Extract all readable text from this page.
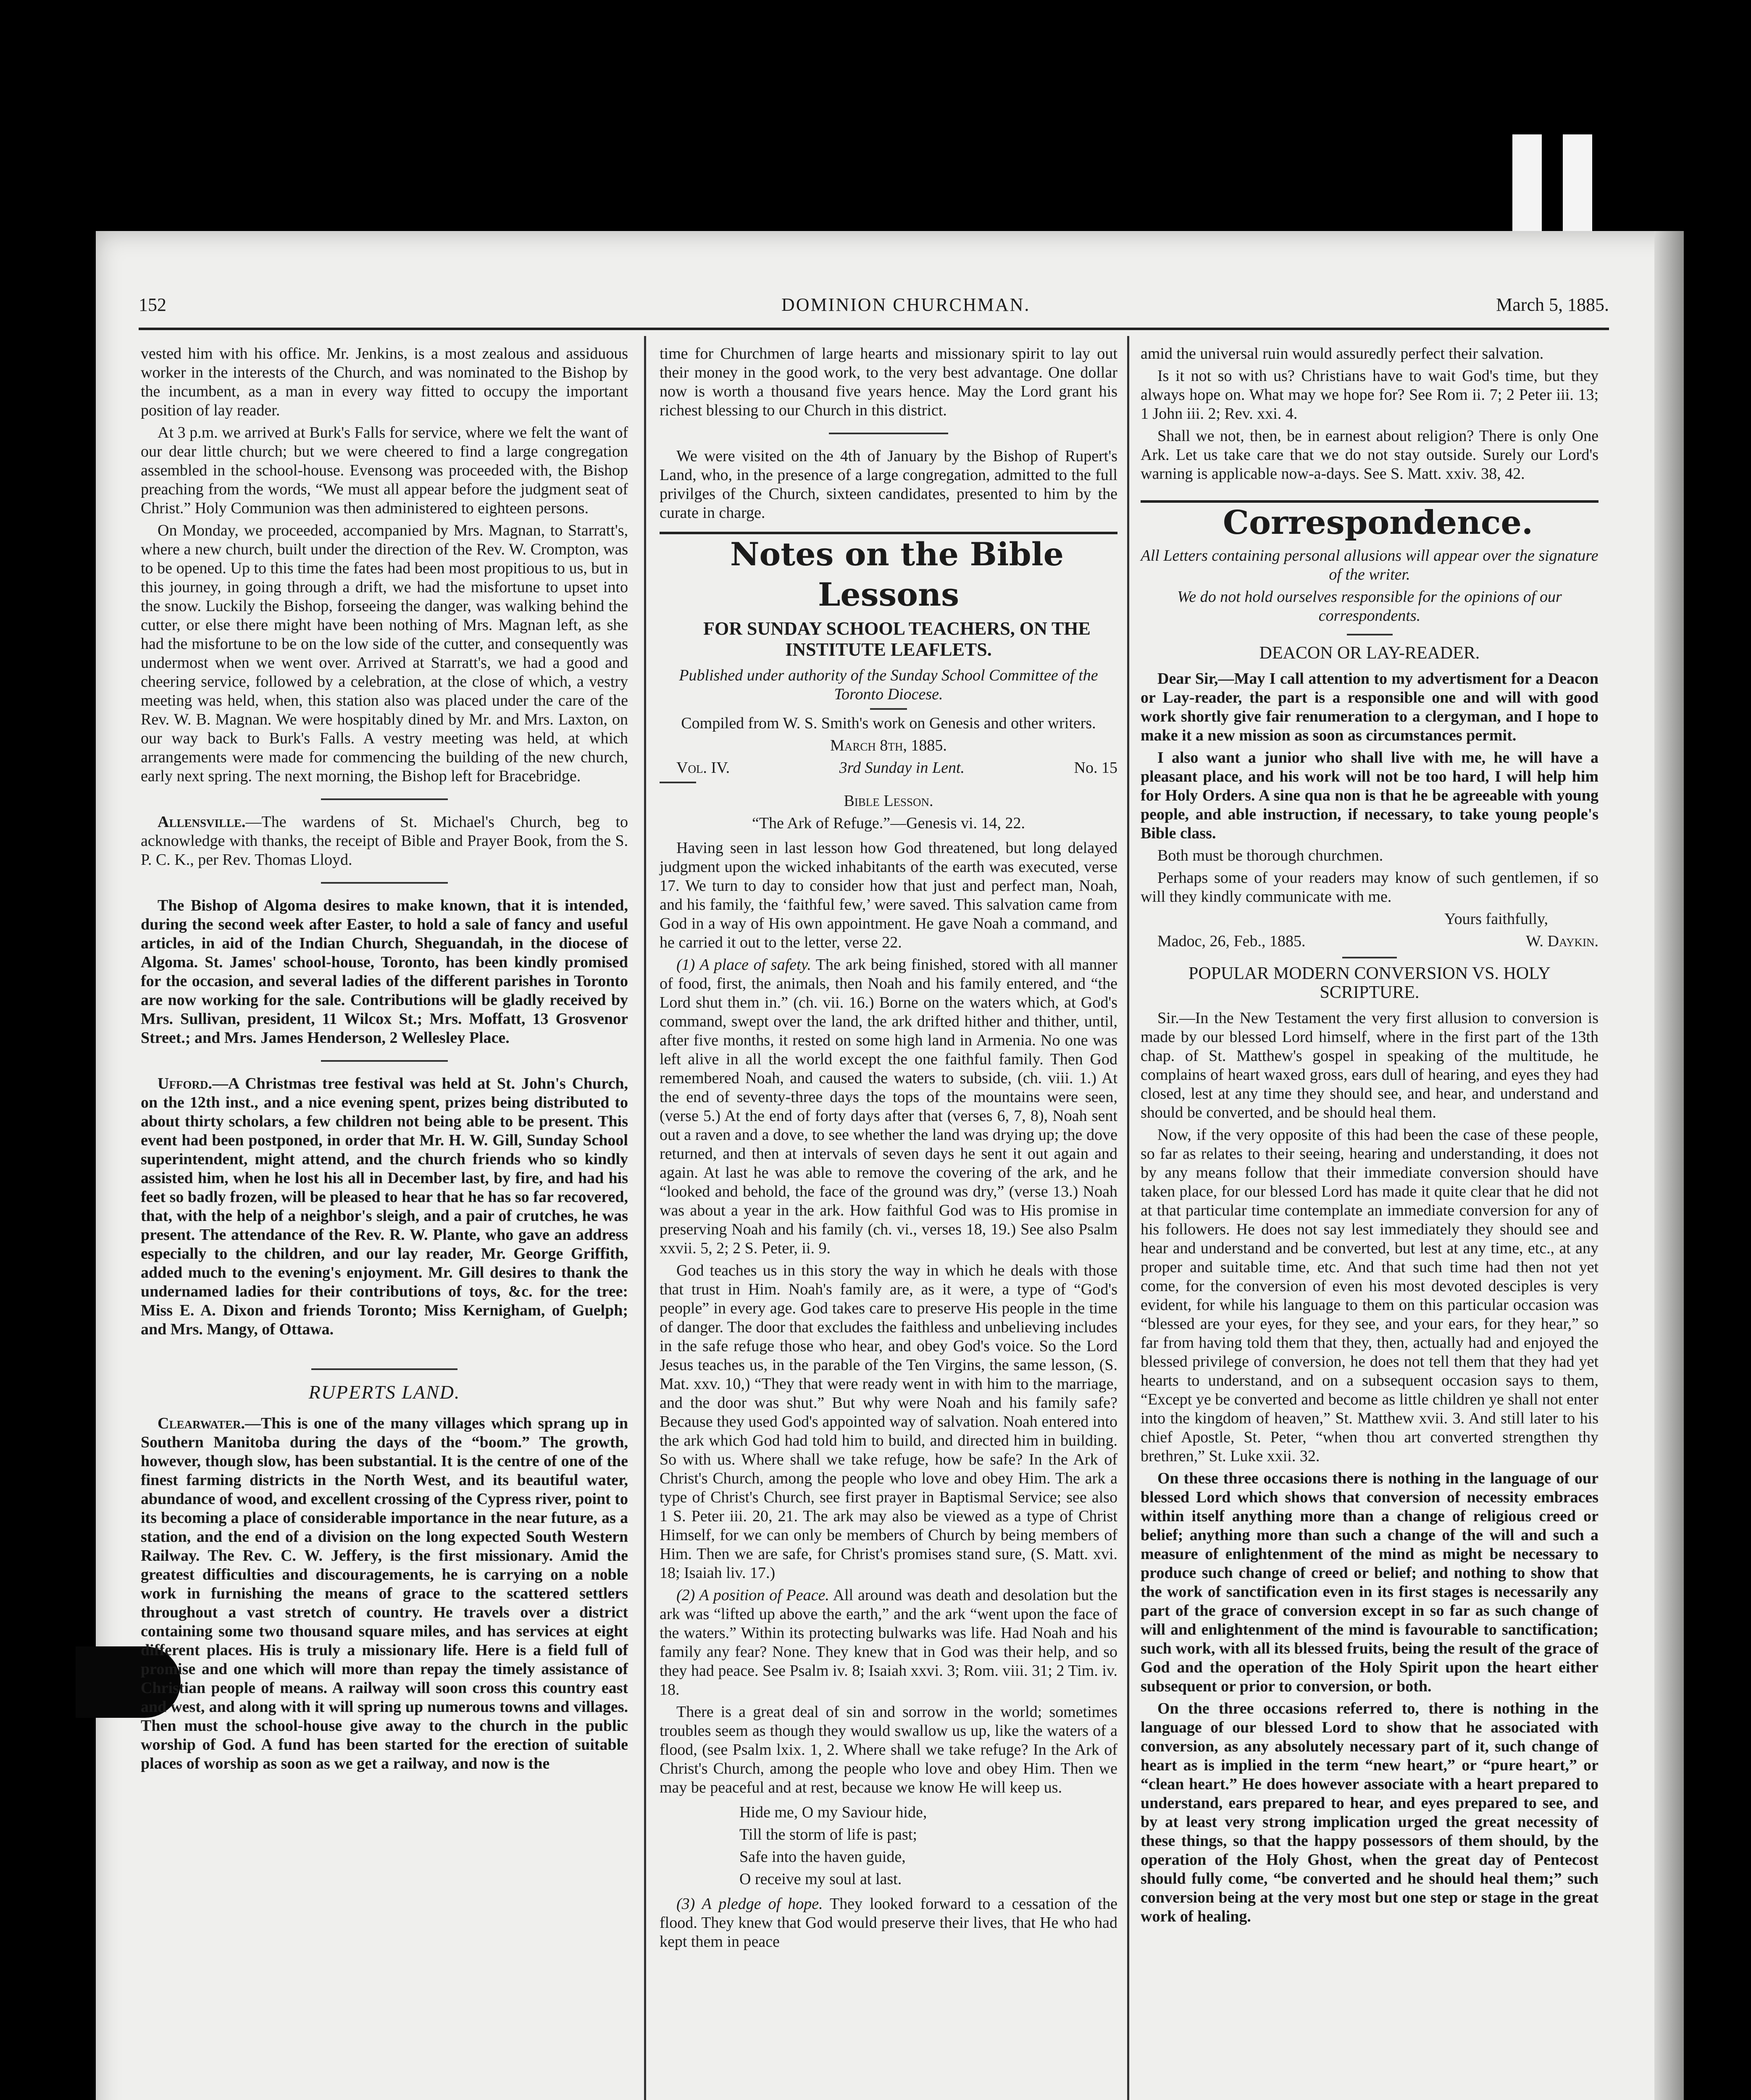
152	DOMINION CHURCHMAN.	March 5, 1885.

vested him with his office. Mr. Jenkins, is a most zealous and assiduous worker in the interests of the Church, and was nominated to the Bishop by the incumbent, as a man in every way fitted to occupy the important position of lay reader.

At 3 p.m. we arrived at Burk's Falls for service, where we felt the want of our dear little church; but we were cheered to find a large congregation assembled in the school-house. Evensong was proceeded with, the Bishop preaching from the words, “We must all appear before the judgment seat of Christ.” Holy Communion was then administered to eighteen persons.

On Monday, we proceeded, accompanied by Mrs. Magnan, to Starratt's, where a new church, built under the direction of the Rev. W. Crompton, was to be opened. Up to this time the fates had been most propitious to us, but in this journey, in going through a drift, we had the misfortune to upset into the snow. Luckily the Bishop, forseeing the danger, was walking behind the cutter, or else there might have been nothing of Mrs. Magnan left, as she had the misfortune to be on the low side of the cutter, and consequently was undermost when we went over. Arrived at Starratt's, we had a good and cheering service, followed by a celebration, at the close of which, a vestry meeting was held, when, this station also was placed under the care of the Rev. W. B. Magnan. We were hospitably dined by Mr. and Mrs. Laxton, on our way back to Burk's Falls. A vestry meeting was held, at which arrangements were made for commencing the building of the new church, early next spring. The next morning, the Bishop left for Bracebridge.

Allensville.—The wardens of St. Michael's Church, beg to acknowledge with thanks, the receipt of Bible and Prayer Book, from the S. P. C. K., per Rev. Thomas Lloyd.

The Bishop of Algoma desires to make known, that it is intended, during the second week after Easter, to hold a sale of fancy and useful articles, in aid of the Indian Church, Sheguandah, in the diocese of Algoma. St. James' school-house, Toronto, has been kindly promised for the occasion, and several ladies of the different parishes in Toronto are now working for the sale. Contributions will be gladly received by Mrs. Sullivan, president, 11 Wilcox St.; Mrs. Moffatt, 13 Grosvenor Street.; and Mrs. James Henderson, 2 Wellesley Place.

Ufford.—A Christmas tree festival was held at St. John's Church, on the 12th inst., and a nice evening spent, prizes being distributed to about thirty scholars, a few children not being able to be present. This event had been postponed, in order that Mr. H. W. Gill, Sunday School superintendent, might attend, and the church friends who so kindly assisted him, when he lost his all in December last, by fire, and had his feet so badly frozen, will be pleased to hear that he has so far recovered, that, with the help of a neighbor's sleigh, and a pair of crutches, he was present. The attendance of the Rev. R. W. Plante, who gave an address especially to the children, and our lay reader, Mr. George Griffith, added much to the evening's enjoyment. Mr. Gill desires to thank the undernamed ladies for their contributions of toys, &c. for the tree: Miss E. A. Dixon and friends Toronto; Miss Kernigham, of Guelph; and Mrs. Mangy, of Ottawa.

RUPERTS LAND.

Clearwater.—This is one of the many villages which sprang up in Southern Manitoba during the days of the “boom.” The growth, however, though slow, has been substantial. It is the centre of one of the finest farming districts in the North West, and its beautiful water, abundance of wood, and excellent crossing of the Cypress river, point to its becoming a place of considerable importance in the near future, as a station, and the end of a division on the long expected South Western Railway. The Rev. C. W. Jeffery, is the first missionary. Amid the greatest difficulties and discouragements, he is carrying on a noble work in furnishing the means of grace to the scattered settlers throughout a vast stretch of country. He travels over a district containing some two thousand square miles, and has services at eight different places. His is truly a missionary life. Here is a field full of promise and one which will more than repay the timely assistance of Christian people of means. A railway will soon cross this country east and west, and along with it will spring up numerous towns and villages. Then must the school-house give away to the church in the public worship of God. A fund has been started for the erection of suitable places of worship as soon as we get a railway, and now is the

time for Churchmen of large hearts and missionary spirit to lay out their money in the good work, to the very best advantage. One dollar now is worth a thousand five years hence. May the Lord grant his richest blessing to our Church in this district.

We were visited on the 4th of January by the Bishop of Rupert's Land, who, in the presence of a large congregation, admitted to the full privilges of the Church, sixteen candidates, presented to him by the curate in charge.

Notes on the Bible Lessons

FOR SUNDAY SCHOOL TEACHERS, ON THE INSTITUTE LEAFLETS.

Published under authority of the Sunday School Committee of the Toronto Diocese.

Compiled from W. S. Smith's work on Genesis and other writers.

March 8th, 1885.

Vol. IV.	3rd Sunday in Lent.	No. 15

Bible Lesson.

“The Ark of Refuge.”—Genesis vi. 14, 22.

Having seen in last lesson how God threatened, but long delayed judgment upon the wicked inhabitants of the earth was executed, verse 17. We turn to day to consider how that just and perfect man, Noah, and his family, the ‘faithful few,’ were saved. This salvation came from God in a way of His own appointment. He gave Noah a command, and he carried it out to the letter, verse 22.

(1) A place of safety. The ark being finished, stored with all manner of food, first, the animals, then Noah and his family entered, and “the Lord shut them in.” (ch. vii. 16.) Borne on the waters which, at God's command, swept over the land, the ark drifted hither and thither, until, after five months, it rested on some high land in Armenia. No one was left alive in all the world except the one faithful family. Then God remembered Noah, and caused the waters to subside, (ch. viii. 1.) At the end of seventy-three days the tops of the mountains were seen, (verse 5.) At the end of forty days after that (verses 6, 7, 8), Noah sent out a raven and a dove, to see whether the land was drying up; the dove returned, and then at intervals of seven days he sent it out again and again. At last he was able to remove the covering of the ark, and he “looked and behold, the face of the ground was dry,” (verse 13.) Noah was about a year in the ark. How faithful God was to His promise in preserving Noah and his family (ch. vi., verses 18, 19.) See also Psalm xxvii. 5, 2; 2 S. Peter, ii. 9.

God teaches us in this story the way in which he deals with those that trust in Him. Noah's family are, as it were, a type of “God's people” in every age. God takes care to preserve His people in the time of danger. The door that excludes the faithless and unbelieving includes in the safe refuge those who hear, and obey God's voice. So the Lord Jesus teaches us, in the parable of the Ten Virgins, the same lesson, (S. Mat. xxv. 10,) “They that were ready went in with him to the marriage, and the door was shut.” But why were Noah and his family safe? Because they used God's appointed way of salvation. Noah entered into the ark which God had told him to build, and directed him in building. So with us. Where shall we take refuge, how be safe? In the Ark of Christ's Church, among the people who love and obey Him. The ark a type of Christ's Church, see first prayer in Baptismal Service; see also 1 S. Peter iii. 20, 21. The ark may also be viewed as a type of Christ Himself, for we can only be members of Church by being members of Him. Then we are safe, for Christ's promises stand sure, (S. Matt. xvi. 18; Isaiah liv. 17.)

(2) A position of Peace. All around was death and desolation but the ark was “lifted up above the earth,” and the ark “went upon the face of the waters.” Within its protecting bulwarks was life. Had Noah and his family any fear? None. They knew that in God was their help, and so they had peace. See Psalm iv. 8; Isaiah xxvi. 3; Rom. viii. 31; 2 Tim. iv. 18.

There is a great deal of sin and sorrow in the world; sometimes troubles seem as though they would swallow us up, like the waters of a flood, (see Psalm lxix. 1, 2. Where shall we take refuge? In the Ark of Christ's Church, among the people who love and obey Him. Then we may be peaceful and at rest, because we know He will keep us.

Hide me, O my Saviour hide,

Till the storm of life is past;

Safe into the haven guide,

O receive my soul at last.

(3) A pledge of hope. They looked forward to a cessation of the flood. They knew that God would preserve their lives, that He who had kept them in peace

amid the universal ruin would assuredly perfect their salvation.

Is it not so with us? Christians have to wait God's time, but they always hope on. What may we hope for? See Rom ii. 7; 2 Peter iii. 13; 1 John iii. 2; Rev. xxi. 4.

Shall we not, then, be in earnest about religion? There is only One Ark. Let us take care that we do not stay outside. Surely our Lord's warning is applicable now-a-days. See S. Matt. xxiv. 38, 42.

Correspondence.

All Letters containing personal allusions will appear over the signature of the writer.

We do not hold ourselves responsible for the opinions of our correspondents.

DEACON OR LAY-READER.

Dear Sir,—May I call attention to my advertisment for a Deacon or Lay-reader, the part is a responsible one and will with good work shortly give fair renumeration to a clergyman, and I hope to make it a new mission as soon as circumstances permit.

I also want a junior who shall live with me, he will have a pleasant place, and his work will not be too hard, I will help him for Holy Orders. A sine qua non is that he be agreeable with young people, and able instruction, if necessary, to take young people's Bible class.

Both must be thorough churchmen.

Perhaps some of your readers may know of such gentlemen, if so will they kindly communicate with me.

Yours faithfully,

Madoc, 26, Feb., 1885.	W. Daykin.

POPULAR MODERN CONVERSION VS. HOLY SCRIPTURE.

Sir.—In the New Testament the very first allusion to conversion is made by our blessed Lord himself, where in the first part of the 13th chap. of St. Matthew's gospel in speaking of the multitude, he complains of heart waxed gross, ears dull of hearing, and eyes they had closed, lest at any time they should see, and hear, and understand and should be converted, and be should heal them.

Now, if the very opposite of this had been the case of these people, so far as relates to their seeing, hearing and understanding, it does not by any means follow that their immediate conversion should have taken place, for our blessed Lord has made it quite clear that he did not at that particular time contemplate an immediate conversion for any of his followers. He does not say lest immediately they should see and hear and understand and be converted, but lest at any time, etc., at any proper and suitable time, etc. And that such time had then not yet come, for the conversion of even his most devoted desciples is very evident, for while his language to them on this particular occasion was “blessed are your eyes, for they see, and your ears, for they hear,” so far from having told them that they, then, actually had and enjoyed the blessed privilege of conversion, he does not tell them that they had yet hearts to understand, and on a subsequent occasion says to them, “Except ye be converted and become as little children ye shall not enter into the kingdom of heaven,” St. Matthew xvii. 3. And still later to his chief Apostle, St. Peter, “when thou art converted strengthen thy brethren,” St. Luke xxii. 32.

On these three occasions there is nothing in the language of our blessed Lord which shows that conversion of necessity embraces within itself anything more than a change of religious creed or belief; anything more than such a change of the will and such a measure of enlightenment of the mind as might be necessary to produce such change of creed or belief; and nothing to show that the work of sanctification even in its first stages is necessarily any part of the grace of conversion except in so far as such change of will and enlightenment of the mind is favourable to sanctification; such work, with all its blessed fruits, being the result of the grace of God and the operation of the Holy Spirit upon the heart either subsequent or prior to conversion, or both.

On the three occasions referred to, there is nothing in the language of our blessed Lord to show that he associated with conversion, as any absolutely necessary part of it, such change of heart as is implied in the term “new heart,” or “pure heart,” or “clean heart.” He does however associate with a heart prepared to understand, ears prepared to hear, and eyes prepared to see, and by at least very strong implication urged the great necessity of these things, so that the happy possessors of them should, by the operation of the Holy Ghost, when the great day of Pentecost should fully come, “be converted and he should heal them;” such conversion being at the very most but one step or stage in the great work of healing.
